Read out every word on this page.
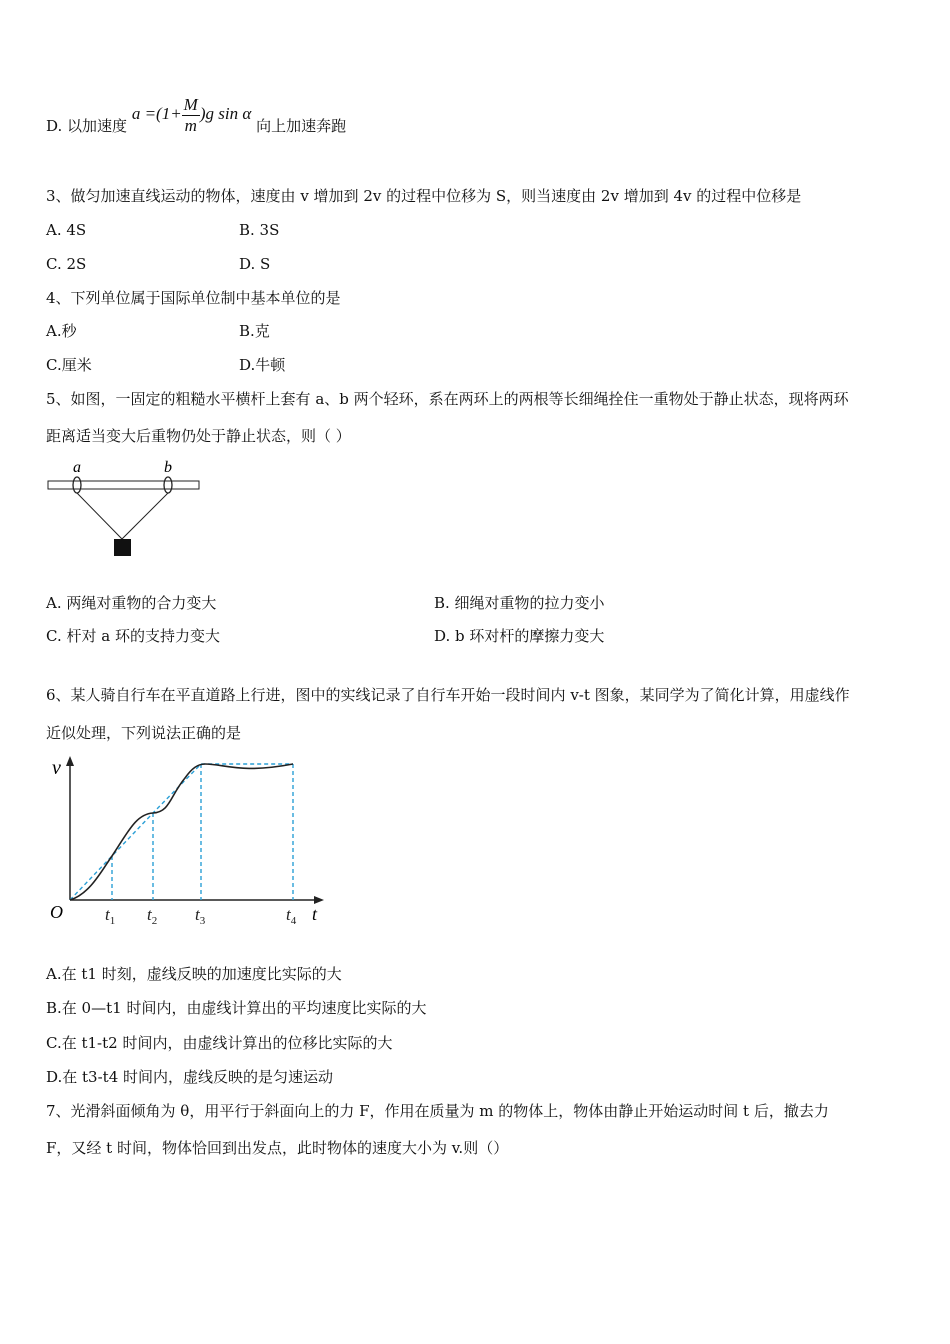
D. 以加速度 $a =(1+ \frac{M}{m} )g$ sin α 向上加速奔跑
3、做匀加速直线运动的物体，速度由 v 增加到 2v 的过程中位移为 S，则当速度由 2v 增加到 4v 的过程中位移是
A. 4S	B. 3S
C. 2S	D. S
4、下列单位属于国际单位制中基本单位的是
A.秒	B.克
C.厘米	D.牛顿
5、如图，一固定的粗糙水平横杆上套有 a、b 两个轻环，系在两环上的两根等长细绳拴住一重物处于静止状态，现将两环
距离适当变大后重物仍处于静止状态，则（ ）
a	b
A. 两绳对重物的合力变大	B. 细绳对重物的拉力变小
C. 杆对 a 环的支持力变大	D. b 环对杆的摩擦力变大
6、某人骑自行车在平直道路上行进，图中的实线记录了自行车开始一段时间内 v-t 图象，某同学为了简化计算，用虚线作
近似处理，下列说法正确的是
v
t
O $t_1$ $t_2$ $t_3$	$t_4$
A.在 t1 时刻，虚线反映的加速度比实际的大
B.在 0—t1 时间内，由虚线计算出的平均速度比实际的大
C.在 t1-t2 时间内，由虚线计算出的位移比实际的大
D.在 t3-t4 时间内，虚线反映的是匀速运动
7、光滑斜面倾角为 θ，用平行于斜面向上的力 F，作用在质量为 m 的物体上，物体由静止开始运动时间 t 后，撤去力
F，又经 t 时间，物体恰回到出发点，此时物体的速度大小为 v.则（）
